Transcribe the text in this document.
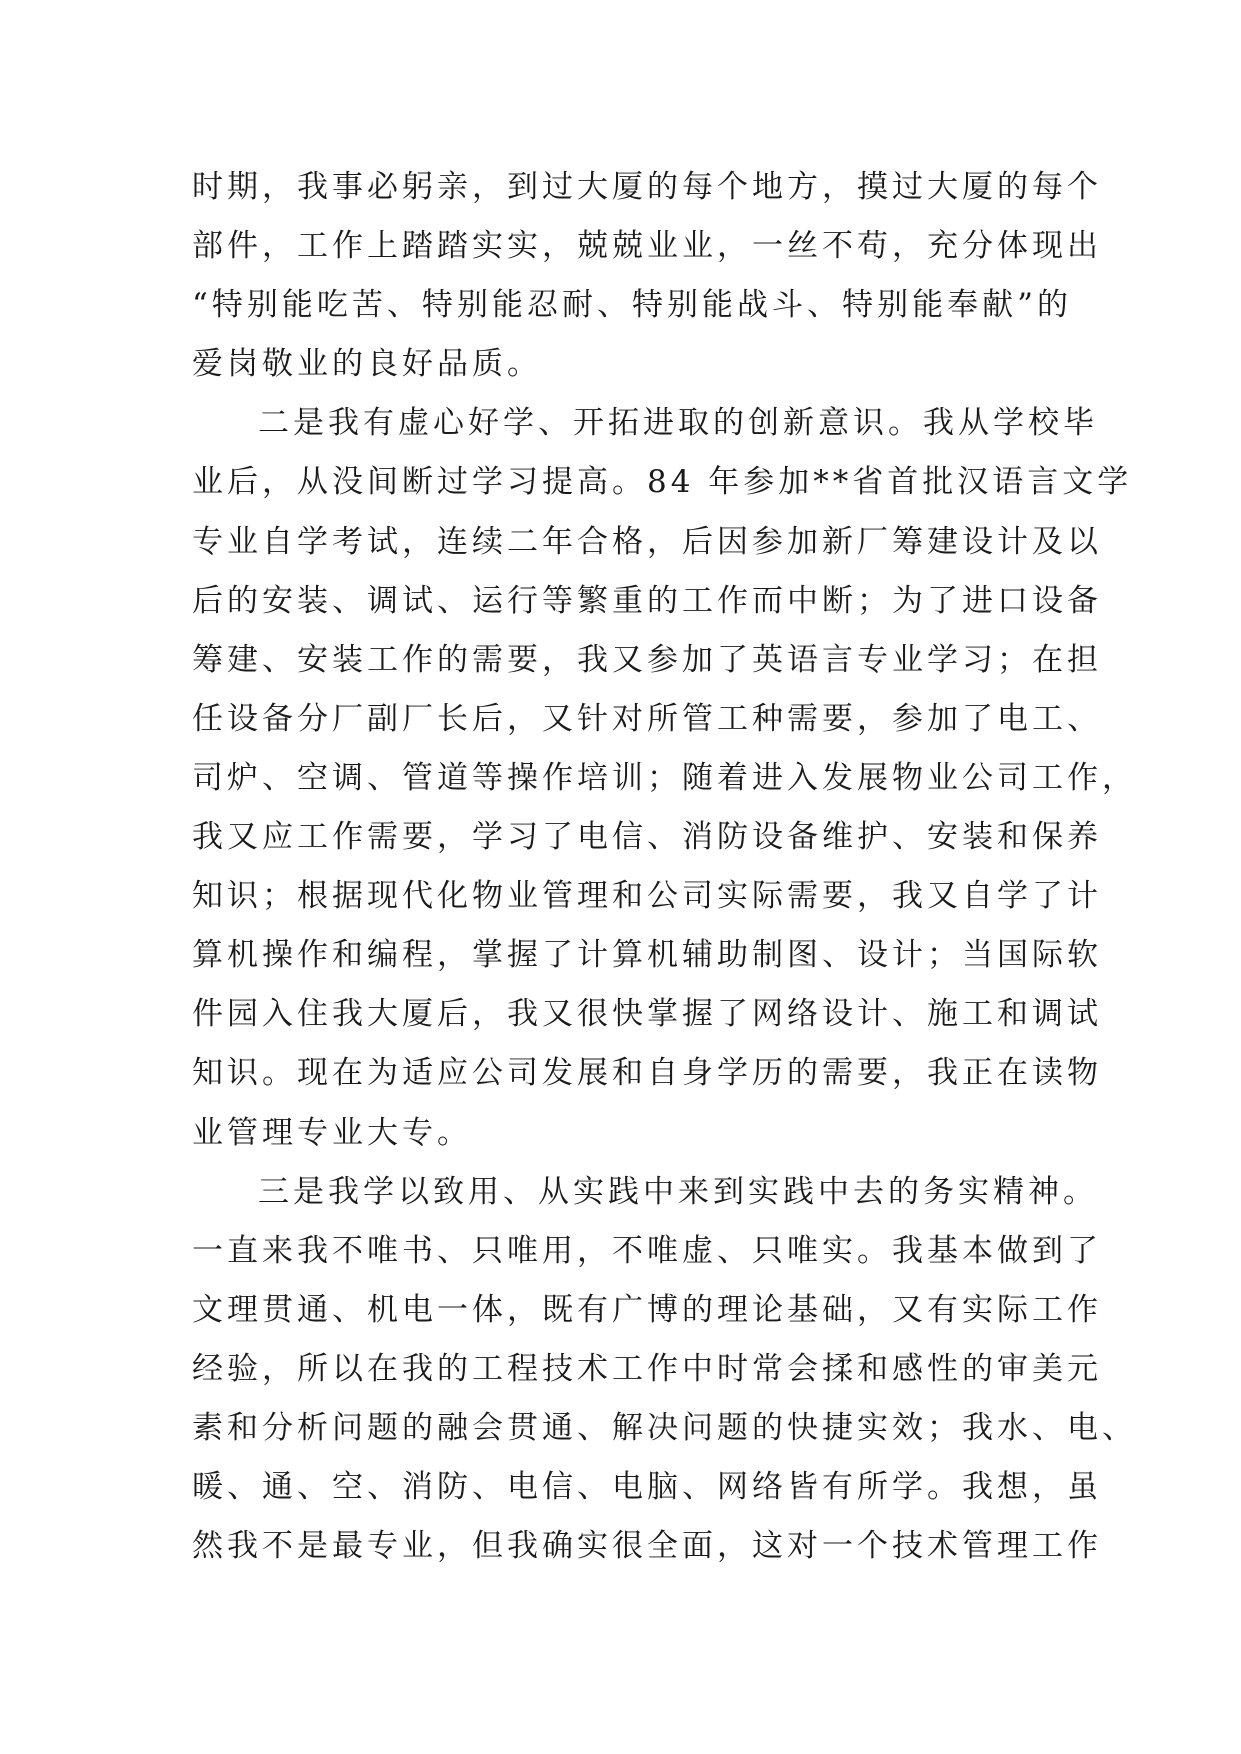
时期，我事必躬亲，到过大厦的每个地方，摸过大厦的每个
部件，工作上踏踏实实，兢兢业业，一丝不苟，充分体现出
“特别能吃苦、特别能忍耐、特别能战斗、特别能奉献”的
爱岗敬业的良好品质。
二是我有虚心好学、开拓进取的创新意识。我从学校毕
业后，从没间断过学习提高。84 年参加**省首批汉语言文学
专业自学考试，连续二年合格，后因参加新厂筹建设计及以
后的安装、调试、运行等繁重的工作而中断；为了进口设备
筹建、安装工作的需要，我又参加了英语言专业学习；在担
任设备分厂副厂长后，又针对所管工种需要，参加了电工、
司炉、空调、管道等操作培训；随着进入发展物业公司工作，
我又应工作需要，学习了电信、消防设备维护、安装和保养
知识；根据现代化物业管理和公司实际需要，我又自学了计
算机操作和编程，掌握了计算机辅助制图、设计；当国际软
件园入住我大厦后，我又很快掌握了网络设计、施工和调试
知识。现在为适应公司发展和自身学历的需要，我正在读物
业管理专业大专。
三是我学以致用、从实践中来到实践中去的务实精神。
一直来我不唯书、只唯用，不唯虚、只唯实。我基本做到了
文理贯通、机电一体，既有广博的理论基础，又有实际工作
经验，所以在我的工程技术工作中时常会揉和感性的审美元
素和分析问题的融会贯通、解决问题的快捷实效；我水、电、
暖、通、空、消防、电信、电脑、网络皆有所学。我想，虽
然我不是最专业，但我确实很全面，这对一个技术管理工作
